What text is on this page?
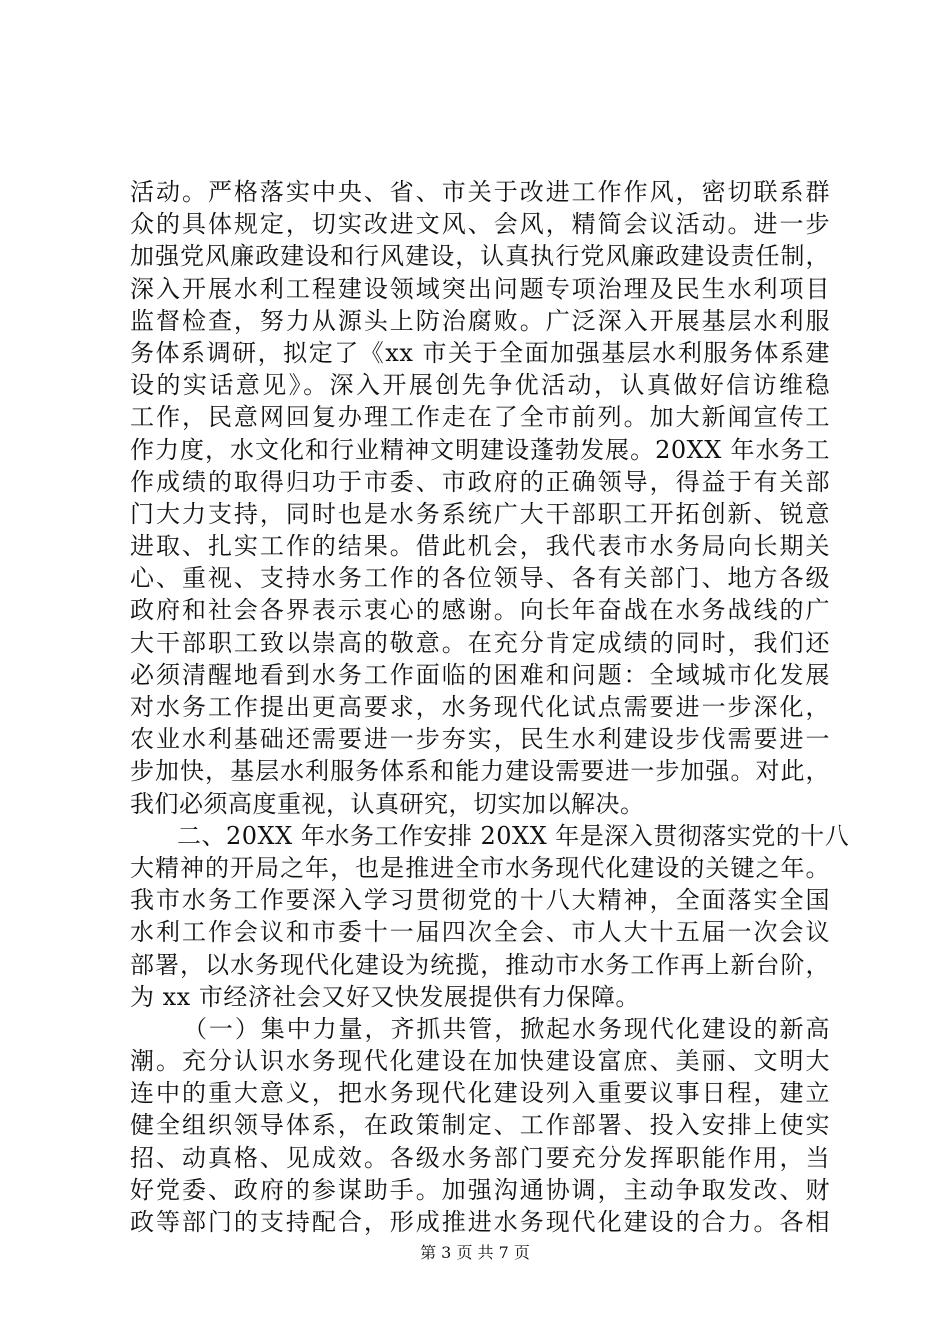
活动。严格落实中央、省、市关于改进工作作风，密切联系群
众的具体规定，切实改进文风、会风，精简会议活动。进一步
加强党风廉政建设和行风建设，认真执行党风廉政建设责任制，
深入开展水利工程建设领域突出问题专项治理及民生水利项目
监督检查，努力从源头上防治腐败。广泛深入开展基层水利服
务体系调研，拟定了《xx 市关于全面加强基层水利服务体系建
设的实话意见》。深入开展创先争优活动，认真做好信访维稳
工作，民意网回复办理工作走在了全市前列。加大新闻宣传工
作力度，水文化和行业精神文明建设蓬勃发展。20XX 年水务工
作成绩的取得归功于市委、市政府的正确领导，得益于有关部
门大力支持，同时也是水务系统广大干部职工开拓创新、锐意
进取、扎实工作的结果。借此机会，我代表市水务局向长期关
心、重视、支持水务工作的各位领导、各有关部门、地方各级
政府和社会各界表示衷心的感谢。向长年奋战在水务战线的广
大干部职工致以崇高的敬意。在充分肯定成绩的同时，我们还
必须清醒地看到水务工作面临的困难和问题：全域城市化发展
对水务工作提出更高要求，水务现代化试点需要进一步深化，
农业水利基础还需要进一步夯实，民生水利建设步伐需要进一
步加快，基层水利服务体系和能力建设需要进一步加强。对此，
我们必须高度重视，认真研究，切实加以解决。
二、20XX 年水务工作安排 20XX 年是深入贯彻落实党的十八
大精神的开局之年，也是推进全市水务现代化建设的关键之年。
我市水务工作要深入学习贯彻党的十八大精神，全面落实全国
水利工作会议和市委十一届四次全会、市人大十五届一次会议
部署，以水务现代化建设为统揽，推动市水务工作再上新台阶，
为 xx 市经济社会又好又快发展提供有力保障。
（一）集中力量，齐抓共管，掀起水务现代化建设的新高
潮。充分认识水务现代化建设在加快建设富庶、美丽、文明大
连中的重大意义，把水务现代化建设列入重要议事日程，建立
健全组织领导体系，在政策制定、工作部署、投入安排上使实
招、动真格、见成效。各级水务部门要充分发挥职能作用，当
好党委、政府的参谋助手。加强沟通协调，主动争取发改、财
政等部门的支持配合，形成推进水务现代化建设的合力。各相
第 3 页 共 7 页
